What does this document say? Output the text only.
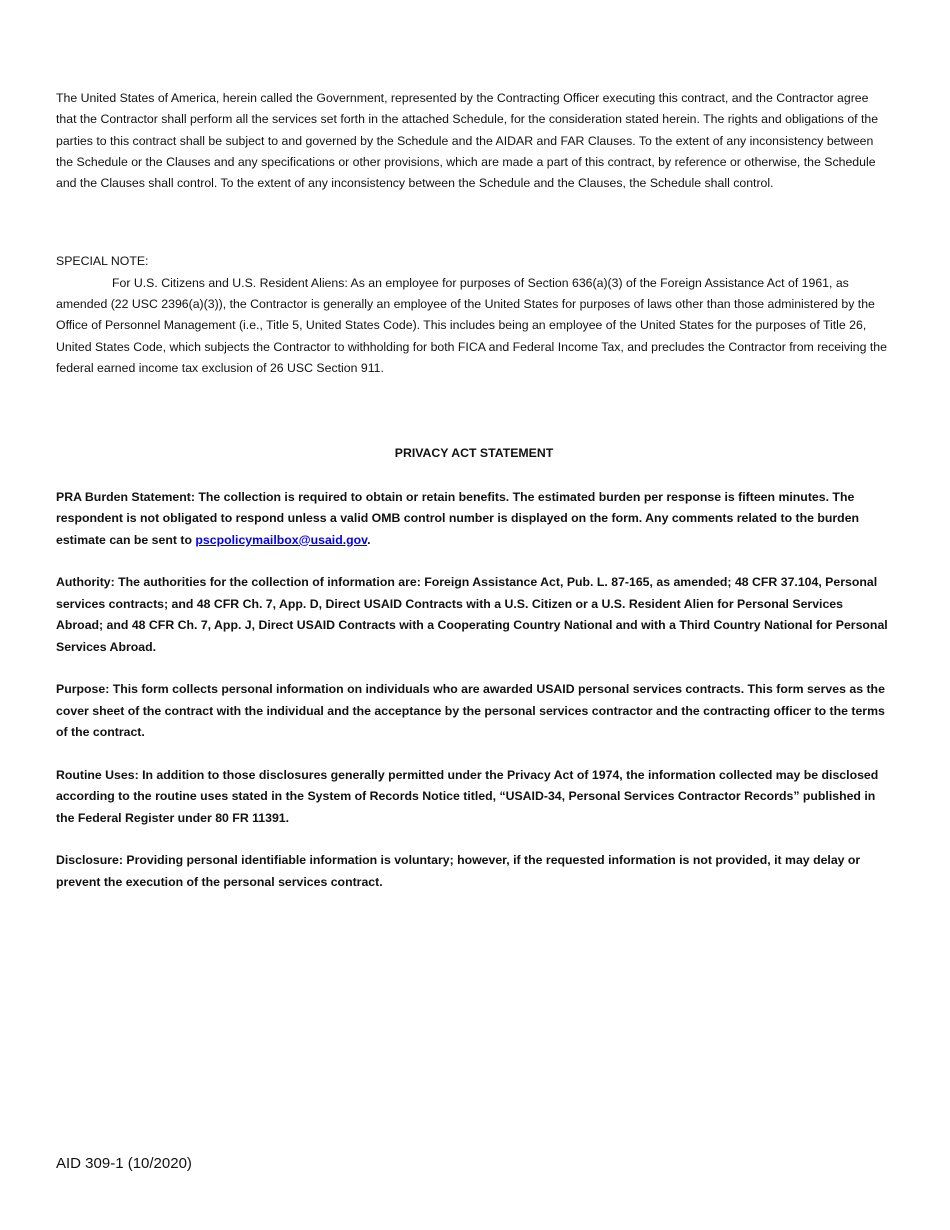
The United States of America, herein called the Government, represented by the Contracting Officer executing this contract, and the Contractor agree that the Contractor shall perform all the services set forth in the attached Schedule, for the consideration stated herein. The rights and obligations of the parties to this contract shall be subject to and governed by the Schedule and the AIDAR and FAR Clauses. To the extent of any inconsistency between the Schedule or the Clauses and any specifications or other provisions, which are made a part of this contract, by reference or otherwise, the Schedule and the Clauses shall control. To the extent of any inconsistency between the Schedule and the Clauses, the Schedule shall control.

SPECIAL NOTE:

For U.S. Citizens and U.S. Resident Aliens: As an employee for purposes of Section 636(a)(3) of the Foreign Assistance Act of 1961, as amended (22 USC 2396(a)(3)), the Contractor is generally an employee of the United States for purposes of laws other than those administered by the Office of Personnel Management (i.e., Title 5, United States Code). This includes being an employee of the United States for the purposes of Title 26, United States Code, which subjects the Contractor to withholding for both FICA and Federal Income Tax, and precludes the Contractor from receiving the federal earned income tax exclusion of 26 USC Section 911.

PRIVACY ACT STATEMENT

PRA Burden Statement: The collection is required to obtain or retain benefits. The estimated burden per response is fifteen minutes. The respondent is not obligated to respond unless a valid OMB control number is displayed on the form. Any comments related to the burden estimate can be sent to pscpolicymailbox@usaid.gov.

Authority: The authorities for the collection of information are: Foreign Assistance Act, Pub. L. 87-165, as amended; 48 CFR 37.104, Personal services contracts; and 48 CFR Ch. 7, App. D, Direct USAID Contracts with a U.S. Citizen or a U.S. Resident Alien for Personal Services Abroad; and 48 CFR Ch. 7, App. J, Direct USAID Contracts with a Cooperating Country National and with a Third Country National for Personal Services Abroad.

Purpose: This form collects personal information on individuals who are awarded USAID personal services contracts. This form serves as the cover sheet of the contract with the individual and the acceptance by the personal services contractor and the contracting officer to the terms of the contract.

Routine Uses: In addition to those disclosures generally permitted under the Privacy Act of 1974, the information collected may be disclosed according to the routine uses stated in the System of Records Notice titled, “USAID-34, Personal Services Contractor Records” published in the Federal Register under 80 FR 11391.

Disclosure: Providing personal identifiable information is voluntary; however, if the requested information is not provided, it may delay or prevent the execution of the personal services contract.

AID 309-1 (10/2020)
